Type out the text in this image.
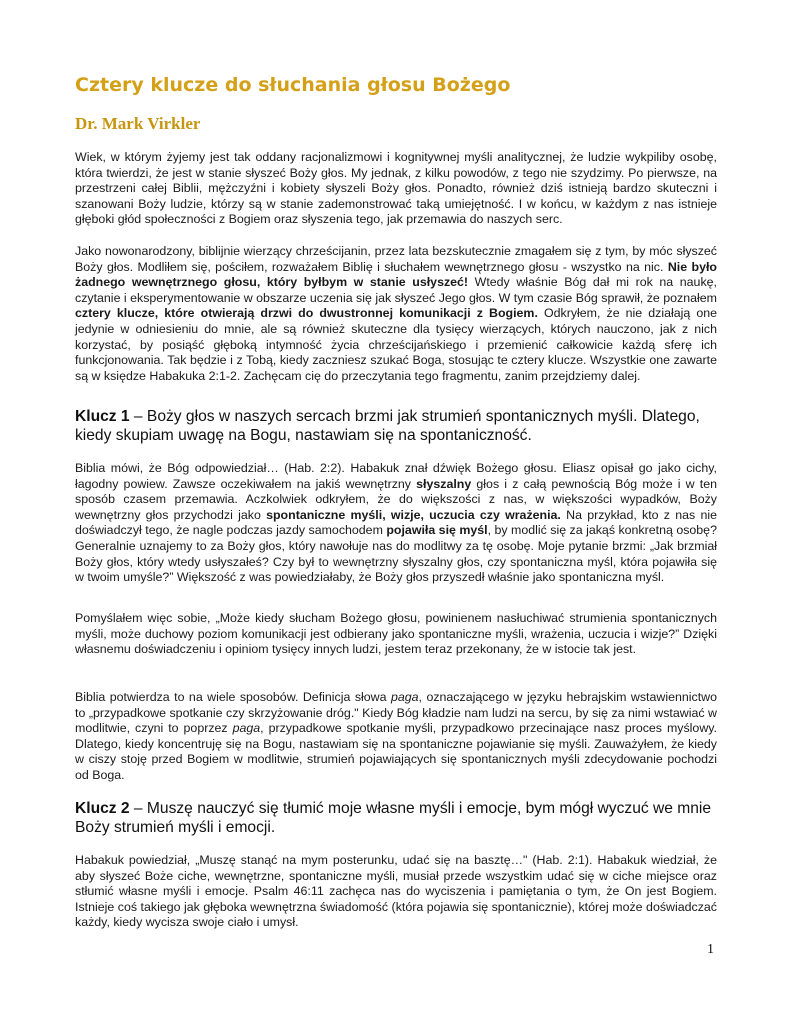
Cztery klucze do słuchania głosu Bożego
Dr. Mark Virkler

Wiek, w którym żyjemy jest tak oddany racjonalizmowi i kognitywnej myśli analitycznej, że ludzie wykpiliby osobę, która twierdzi, że jest w stanie słyszeć Boży głos. My jednak, z kilku powodów, z tego nie szydzimy. Po pierwsze, na przestrzeni całej Biblii, mężczyźni i kobiety słyszeli Boży głos. Ponadto, również dziś istnieją bardzo skuteczni i szanowani Boży ludzie, którzy są w stanie zademonstrować taką umiejętność. I w końcu, w każdym z nas istnieje głęboki głód społeczności z Bogiem oraz słyszenia tego, jak przemawia do naszych serc.

Jako nowonarodzony, biblijnie wierzący chrześcijanin, przez lata bezskutecznie zmagałem się z tym, by móc słyszeć Boży głos. Modliłem się, pościłem, rozważałem Biblię i słuchałem wewnętrznego głosu - wszystko na nic. Nie było żadnego wewnętrznego głosu, który byłbym w stanie usłyszeć! Wtedy właśnie Bóg dał mi rok na naukę, czytanie i eksperymentowanie w obszarze uczenia się jak słyszeć Jego głos. W tym czasie Bóg sprawił, że poznałem cztery klucze, które otwierają drzwi do dwustronnej komunikacji z Bogiem. Odkryłem, że nie działają one jedynie w odniesieniu do mnie, ale są również skuteczne dla tysięcy wierzących, których nauczono, jak z nich korzystać, by posiąść głęboką intymność życia chrześcijańskiego i przemienić całkowicie każdą sferę ich funkcjonowania. Tak będzie i z Tobą, kiedy zaczniesz szukać Boga, stosując te cztery klucze. Wszystkie one zawarte są w księdze Habakuka 2:1-2. Zachęcam cię do przeczytania tego fragmentu, zanim przejdziemy dalej.

Klucz 1 – Boży głos w naszych sercach brzmi jak strumień spontanicznych myśli. Dlatego, kiedy skupiam uwagę na Bogu, nastawiam się na spontaniczność.

Biblia mówi, że Bóg odpowiedział… (Hab. 2:2). Habakuk znał dźwięk Bożego głosu. Eliasz opisał go jako cichy, łagodny powiew. Zawsze oczekiwałem na jakiś wewnętrzny słyszalny głos i z całą pewnością Bóg może i w ten sposób czasem przemawia. Aczkolwiek odkryłem, że do większości z nas, w większości wypadków, Boży wewnętrzny głos przychodzi jako spontaniczne myśli, wizje, uczucia czy wrażenia. Na przykład, kto z nas nie doświadczył tego, że nagle podczas jazdy samochodem pojawiła się myśl, by modlić się za jakąś konkretną osobę? Generalnie uznajemy to za Boży głos, który nawołuje nas do modlitwy za tę osobę. Moje pytanie brzmi: „Jak brzmiał Boży głos, który wtedy usłyszałeś? Czy był to wewnętrzny słyszalny głos, czy spontaniczna myśl, która pojawiła się w twoim umyśle?” Większość z was powiedziałaby, że Boży głos przyszedł właśnie jako spontaniczna myśl.

Pomyślałem więc sobie, „Może kiedy słucham Bożego głosu, powinienem nasłuchiwać strumienia spontanicznych myśli, może duchowy poziom komunikacji jest odbierany jako spontaniczne myśli, wrażenia, uczucia i wizje?” Dzięki własnemu doświadczeniu i opiniom tysięcy innych ludzi, jestem teraz przekonany, że w istocie tak jest.

Biblia potwierdza to na wiele sposobów. Definicja słowa paga, oznaczającego w języku hebrajskim wstawiennictwo to „przypadkowe spotkanie czy skrzyżowanie dróg." Kiedy Bóg kładzie nam ludzi na sercu, by się za nimi wstawiać w modlitwie, czyni to poprzez paga, przypadkowe spotkanie myśli, przypadkowo przecinające nasz proces myślowy. Dlatego, kiedy koncentruję się na Bogu, nastawiam się na spontaniczne pojawianie się myśli. Zauważyłem, że kiedy w ciszy stoję przed Bogiem w modlitwie, strumień pojawiających się spontanicznych myśli zdecydowanie pochodzi od Boga.

Klucz 2 – Muszę nauczyć się tłumić moje własne myśli i emocje, bym mógł wyczuć we mnie Boży strumień myśli i emocji.

Habakuk powiedział, „Muszę stanąć na mym posterunku, udać się na basztę…" (Hab. 2:1). Habakuk wiedział, że aby słyszeć Boże ciche, wewnętrzne, spontaniczne myśli, musiał przede wszystkim udać się w ciche miejsce oraz stłumić własne myśli i emocje. Psalm 46:11 zachęca nas do wyciszenia i pamiętania o tym, że On jest Bogiem. Istnieje coś takiego jak głęboka wewnętrzna świadomość (która pojawia się spontanicznie), której może doświadczać każdy, kiedy wycisza swoje ciało i umysł.

1
